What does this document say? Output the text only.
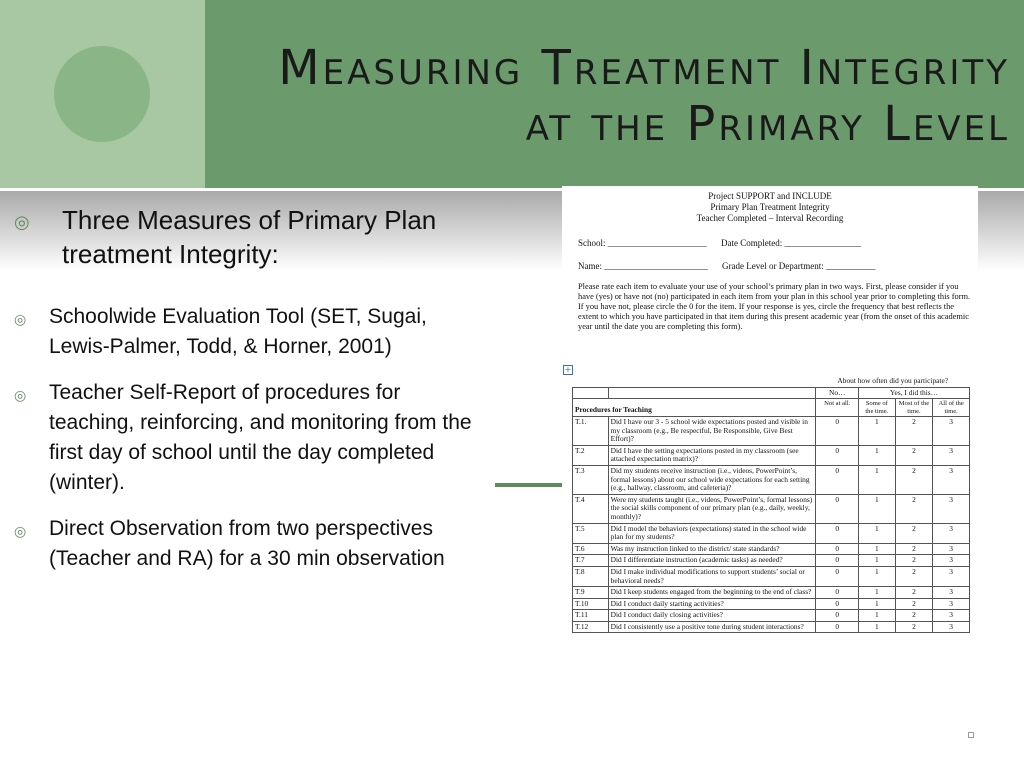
Measuring Treatment Integrity
at the Primary Level
◎ Three Measures of Primary Plan treatment Integrity:
◎ Schoolwide Evaluation Tool (SET, Sugai, Lewis-Palmer, Todd, & Horner, 2001)
◎ Teacher Self-Report of procedures for teaching, reinforcing, and monitoring from the first day of school until the day completed (winter).
◎ Direct Observation from two perspectives (Teacher and RA) for a 30 min observation
Project SUPPORT and INCLUDE
Primary Plan Treatment Integrity
Teacher Completed – Interval Recording
School: ______________________ Date Completed: _________________
Name: _______________________ Grade Level or Department: ___________
Please rate each item to evaluate your use of your school’s primary plan in two ways. First, please consider if you have (yes) or have not (no) participated in each item from your plan in this school year prior to completing this form. If you have not, please circle the 0 for the item. If your response is yes, circle the frequency that best reflects the extent to which you have participated in that item during this present academic year (from the onset of this academic year until the date you are completing this form).
+
		About how often did you participate?			
		No…	Yes, I did this…		
Procedures for Teaching		Not at all.	Some of the time.	Most of the time.	All of the time.
T.1.	Did I have our 3 - 5 school wide expectations posted and visible in my classroom (e.g., Be respectful, Be Responsible, Give Best Effort)?	0	1	2	3
T.2	Did I have the setting expectations posted in my classroom (see attached expectation matrix)?	0	1	2	3
T.3	Did my students receive instruction (i.e., videos, PowerPoint’s, formal lessons) about our school wide expectations for each setting (e.g., hallway, classroom, and cafeteria)?	0	1	2	3
T.4	Were my students taught (i.e., videos, PowerPoint’s, formal lessons) the social skills component of our primary plan (e.g., daily, weekly, monthly)?	0	1	2	3
T.5	Did I model the behaviors (expectations) stated in the school wide plan for my students?	0	1	2	3
T.6	Was my instruction linked to the district/ state standards?	0	1	2	3
T.7	Did I differentiate instruction (academic tasks) as needed?	0	1	2	3
T.8	Did I make individual modifications to support students’ social or behavioral needs?	0	1	2	3
T.9	Did I keep students engaged from the beginning to the end of class?	0	1	2	3
T.10	Did I conduct daily starting activities?	0	1	2	3
T.11	Did I conduct daily closing activities?	0	1	2	3
T.12	Did I consistently use a positive tone during student interactions?	0	1	2	3
